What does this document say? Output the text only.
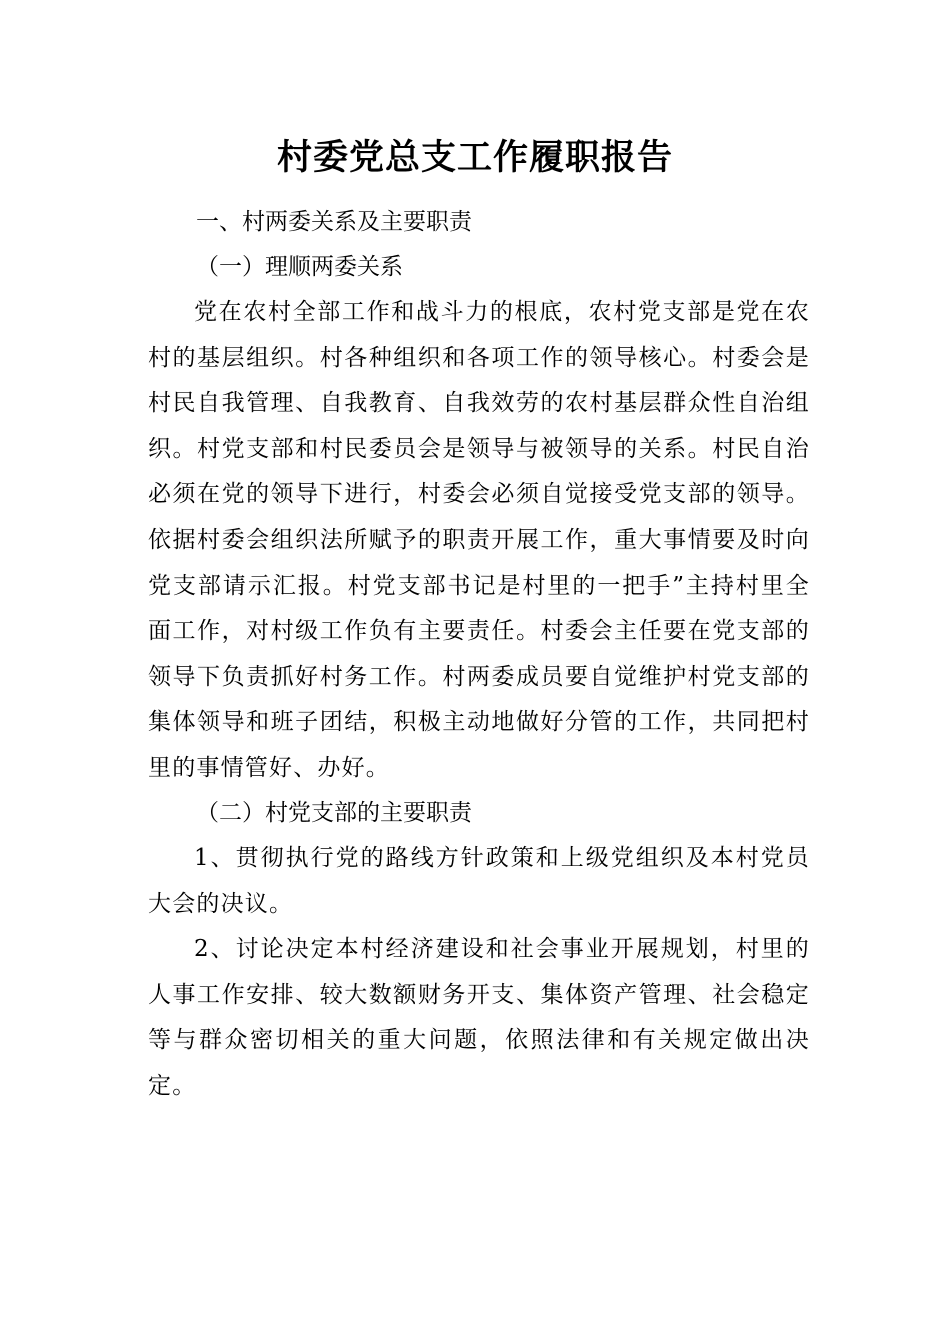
村委党总支工作履职报告
一、村两委关系及主要职责
（一）理顺两委关系

党在农村全部工作和战斗力的根底，农村党支部是党在农村的基层组织。村各种组织和各项工作的领导核心。村委会是村民自我管理、自我教育、自我效劳的农村基层群众性自治组织。村党支部和村民委员会是领导与被领导的关系。村民自治必须在党的领导下进行，村委会必须自觉接受党支部的领导。依据村委会组织法所赋予的职责开展工作，重大事情要及时向党支部请示汇报。村党支部书记是村里的一把手”主持村里全面工作，对村级工作负有主要责任。村委会主任要在党支部的领导下负责抓好村务工作。村两委成员要自觉维护村党支部的集体领导和班子团结，积极主动地做好分管的工作，共同把村里的事情管好、办好。

（二）村党支部的主要职责

1、贯彻执行党的路线方针政策和上级党组织及本村党员大会的决议。

2、讨论决定本村经济建设和社会事业开展规划，村里的人事工作安排、较大数额财务开支、集体资产管理、社会稳定等与群众密切相关的重大问题，依照法律和有关规定做出决定。
